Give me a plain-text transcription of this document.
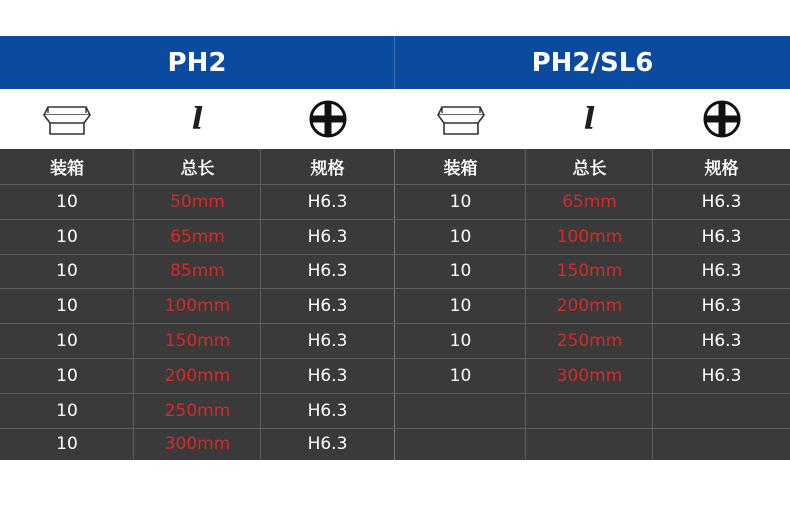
PH2	PH2/SL6
l	l
装箱	总长	规格	装箱	总长	规格
10	50mm	H6.3	10	65mm	H6.3
10	65mm	H6.3	10	100mm	H6.3
10	85mm	H6.3	10	150mm	H6.3
10	100mm	H6.3	10	200mm	H6.3
10	150mm	H6.3	10	250mm	H6.3
10	200mm	H6.3	10	300mm	H6.3
10	250mm	H6.3
10	300mm	H6.3
